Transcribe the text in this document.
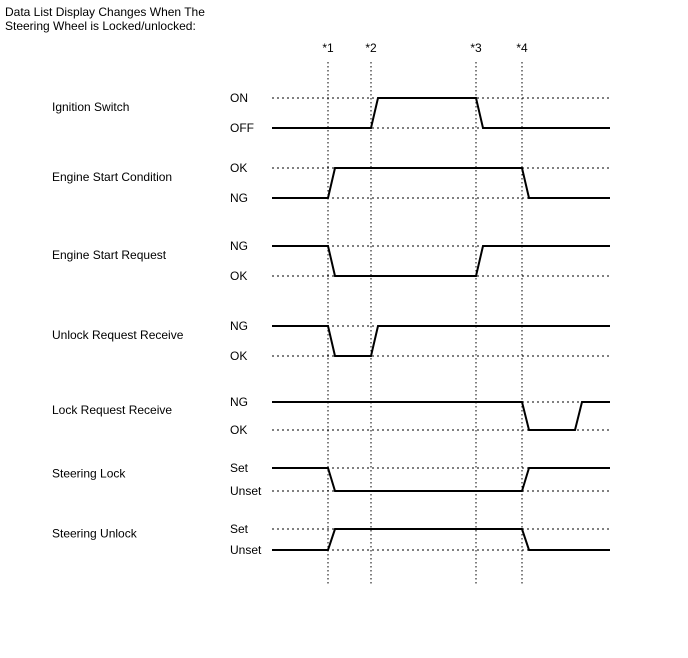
Data List Display Changes When The
Steering Wheel is Locked/unlocked:
*1	*2	*3	*4
Ignition Switch
ON
OFF
Engine Start Condition
OK
NG
Engine Start Request
NG
OK
Unlock Request Receive
NG
OK
Lock Request Receive
NG
OK
Steering Lock	Set
Unset
Steering Unlock	Set
Unset
